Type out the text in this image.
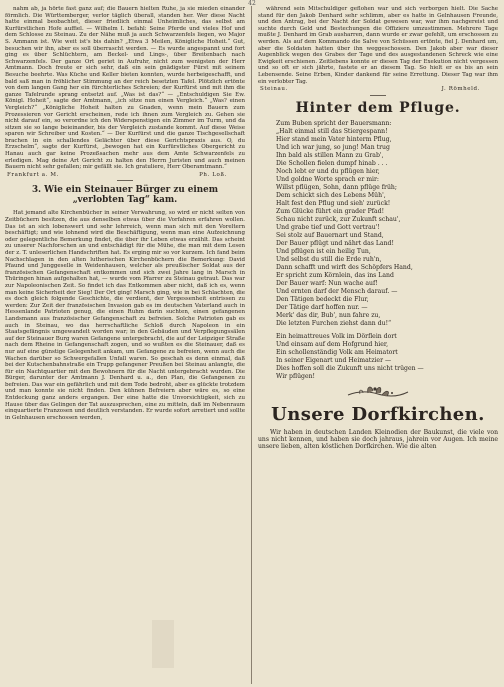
42

nahm ab, ja hörte fast ganz auf; die Bauern hielten Ruhe, ja sie mieden einander förmlich. Die Württemberger, verlor täglich überall, standen her. Wer diese Nacht hatte einmal beobachtet, dieser friedlich einmal Unheimliches, das selbst am Kurfürstlichen Hofe auffiel. — Wilhelm I. befahl: Seine Pferde und vieles Hof und dem Schlosse zu Steinau. Zu der Nähe muß ja auch Schwarzenfels liegen, wo Major S. Ammann ist. Wie weit ist's bis dahin? „Etwa 3 Meilen, Königliche Hoheit.“ Gut, besuchen wir ihn, aber es soll überrascht werden. — Es wurde angespannt und fort ging es über Schlüchtern, am Beckel- und Lings-, über Breitenbach nach Schwarzenfels. Der ganze Ort geriet in Aufruhr, nicht zum wenigsten der Herr Amtmann. Doch freute er sich sehr, daß ein sein gnädigster Fürst mit seinem Besuche beehrte. Was Küche und Keller bieten konnten, wurde herbeigeschafft, und bald saß man in fröhlicher Stimmung an der reich besetzten Tafel. Plötzlich ertönte von dem langen Gang her ein fürchterliches Schreien; der Kurfürst und mit ihm die ganze Tafelrunde sprang entsetzt auf. „Was ist das?“ — „Entschuldigen Sie Ew. Königl. Hoheit“, sagte der Amtmann, „ich sitze nun einen Vergleich.“ „Was? einen Vergleich?“ „Königliche Hoheit halten zu Gnaden, wenn mein Bauern zum Prozessieren vor Gericht erscheinen, rede ich ihnen zum Vergleich zu. Gehen sie nicht darauf ein, so verordne ich den Widerspenstigen ein Zimmer im Turm, und da sitzen sie so lange beieinander, bis der Vergleich zustande kommt. Auf diese Weise sparen wir Schreiber und Kosten.“ — Der Kurfürst und die ganze Tischgesellschaft brachen in ein schallendes Gelächter über diese Gerichtspraxis aus. O, du Erzschelm“, sagte der Kurfürst, „bewogen hat ein Kurfürstliches Obergericht zu Hanau auch gar keine Prozeßsachen mehr aus dem Amte Schwarzenfels zu erledigen. Mag deine Art Gericht zu halten den Herrn Juristen und auch meinen Bauern nicht sehr gefallen; mir gefällt sie. Ich gratuliere, Herr Oberamtmann.“

Frankfurt a. M.	Ph. Loß.
3. Wie ein Steinauer Bürger zu einem „verlobten Tag“ kam.

Hat jemand alte Kirchenbücher in seiner Verwahrung, so wird er nicht selten von Zeitbüchern besitzen, die aus denselben etwas über die Vorfahren erfahren wollen. Das ist an sich lobenswert und sehr lehrreich, wenn man sich mit den Voreltern beschäftigt; und wie lohnend wird die Beschäftigung, wenn man eine Aufzeichnung oder gelegentliche Bemerkung findet, die über ihr Leben etwas erzählt. Das scheint zu unserer Nachforschen an und entschädigt für die Mühe, die man mit dem Lesen der z. T. unleserlichen Handschriften hat. Es erging mir so vor kurzem. Ich fand beim Nachschlagen in den alten lutherischen Kirchenbüchern die Bemerkung: David Pfaund und Junggeselle in Weidenhausen, welcher als preußischer Soldat aus der französischen Gefangenschaft entkommen und sich zwei Jahre lang in Marsch in Thüringen hinan aufgehalten hat, — wurde vom Pfarrer zu Steinau getraut. Das war zur Napoleonischen Zeit. So findet ich das Entkommen aber nicht, daß ich es, wenn man keine Sicherheit der Sieg! Der Ort ging! Marsch ging, wie in bei Schlachten, die es doch gleich folgende Geschichte, die verdient, der Vergessenheit entrissen zu werden: Zur Zeit der französischen Invasion gab es im deutschen Vaterland auch in Hessenlande Patrioten genug, die einen Ruhm darin suchten, einen gefangenen Landsmann aus französischer Gefangenschaft zu befreien. Solche Patrioten gab es auch in Steinau, wo das herrschaftliche Schloß durch Napoleon in ein Staatsgefängnis umgewandelt worden war; in den Gebäuden und Verpflegungssälen auf der Steinauer Burg waren Gefangene untergebracht, die auf der Leipziger Straße nach dem Rheine in Gefangenschaft zogen, und so wußten es die Steinauer, daß es nur auf eine günstige Gelegenheit ankam, um Gefangene zu befreien, wenn auch die Wachen darüber so Schwergefallen Unfall waren. So geschah es denn einmal, daß bei der Kutschenbahnstraße ein Trupp gefangener Preußen bei Steinau anlangte, die für ein Nachtquartier mit den Bewohnern für die Nacht untergebracht wurden. Die Bürger, darunter der Amtmann J. Denhard u. a., den Plan, die Gefangenen zu befreien. Das war ein gefährlich und mit dem Tode bedroht, aber es glückte trotzdem und man konnte sie nicht finden. Den kühnen Befreiern aber wäre es, so eine Entdeckung ganz anders ergangen. Der eine hatte die Unvorsichtigkeit, sich zu Hause über das Gelingen der Tat auszusprechen, eine zu mitteln, daß im Nebenraum einquartierte Franzosen und deutlich verstanden. Er wurde sofort arretiert und sollte in Gelnhausen erschossen werden,

während sein Mitschuldiger geflohen war und sich verborgen hielt. Die Sache stand für den Jakob Denhard sehr schlimm, aber es hatte in Gelnhausen Freunde, und den Antrag, bei der Nacht der Soldat gewesen war, war ihm nachgereist und suchte durch Geld und Bestechungen die Offiziere umzustimmen. Mehrere Tage mußte J. Denhard im Grab ausharren, dann wurde er zwar gefehlt, um erschossen zu werden. Als auf dem Kommando die Salve von Schüssen ertönte, fiel J. Denhard um, aber die Soldaten hatten über ihn weggeschossen. Den Jakob aber war dieser Augenblick wegen des Grabes der Tage und des ausgestandenen Schreck wie eine Ewigkeit erschienen. Zeitlebens konnte er diesen Tag der Exekution nicht vergessen und so oft er sich jährte, fastete er an diesem Tag. So hielt er es bis an sein Lebensende. Seine Erben, Kinder dankend für seine Errettung. Dieser Tag war ihm ein verlobter Tag.

Steinau.	J. Römheld.
Hinter dem Pfluge.
Zum Buben spricht der Bauersmann:
„Halt einmal still das Stiergespann!
Hier stand mein Vater hinterm Pflug,
Und ich war jung, so jung! Man trug
Ihn bald als stillen Mann zu Grab',
Die Schollen fielen dumpf hinab . . .
Noch lebt er und du pflügen hier,
Und goldne Worte sprach er mir:
Willst pflügen, Sohn, dann pflüge früh;
Dem schickt sich des Lebens Müh',
Halt fest den Pflug und sieh' zurück!
Zum Glücke führt ein grader Pfad!
Schau nicht zurück, zur Zukunft schau',
Und grabe tief und Gott vertrau'!
Sei stolz auf Bauernart und Stand,
Der Bauer pflügt und nährt das Land!
Und pflügen ist ein heilig Tun,
Und selbst du still die Erde ruh'n,
Dann schafft und wirft des Schöpfers Hand,
Er spricht zum Körnlein, das ins Land
Der Bauer warf: Nun wache auf!
Und ernten darf der Mensch darauf. —
Den Tätigen bedeckt die Flur,
Der Tätige darf hoffen nur. —
Merk' das dir, Bub', nun fahre zu,
Die letzten Furchen ziehst dann du!“
Ein heimattreues Volk im Dörflein dort
Und einsam auf dem Hofgrund hier,
Ein schollenständig Volk am Heimatort
In seiner Eigenart und Heimatzier —
Dies hoffen soll die Zukunft uns nicht trügen —
Wir pflügen!
Unsere Dorfkirchen.

Wir haben in deutschen Landen Kleinodien der Baukunst, die viele von uns nicht kennen, und haben sie doch jahraus, jahrein vor Augen. Ich meine unsere lieben, alten köstlichen Dorfkirchen. Wie die alten
